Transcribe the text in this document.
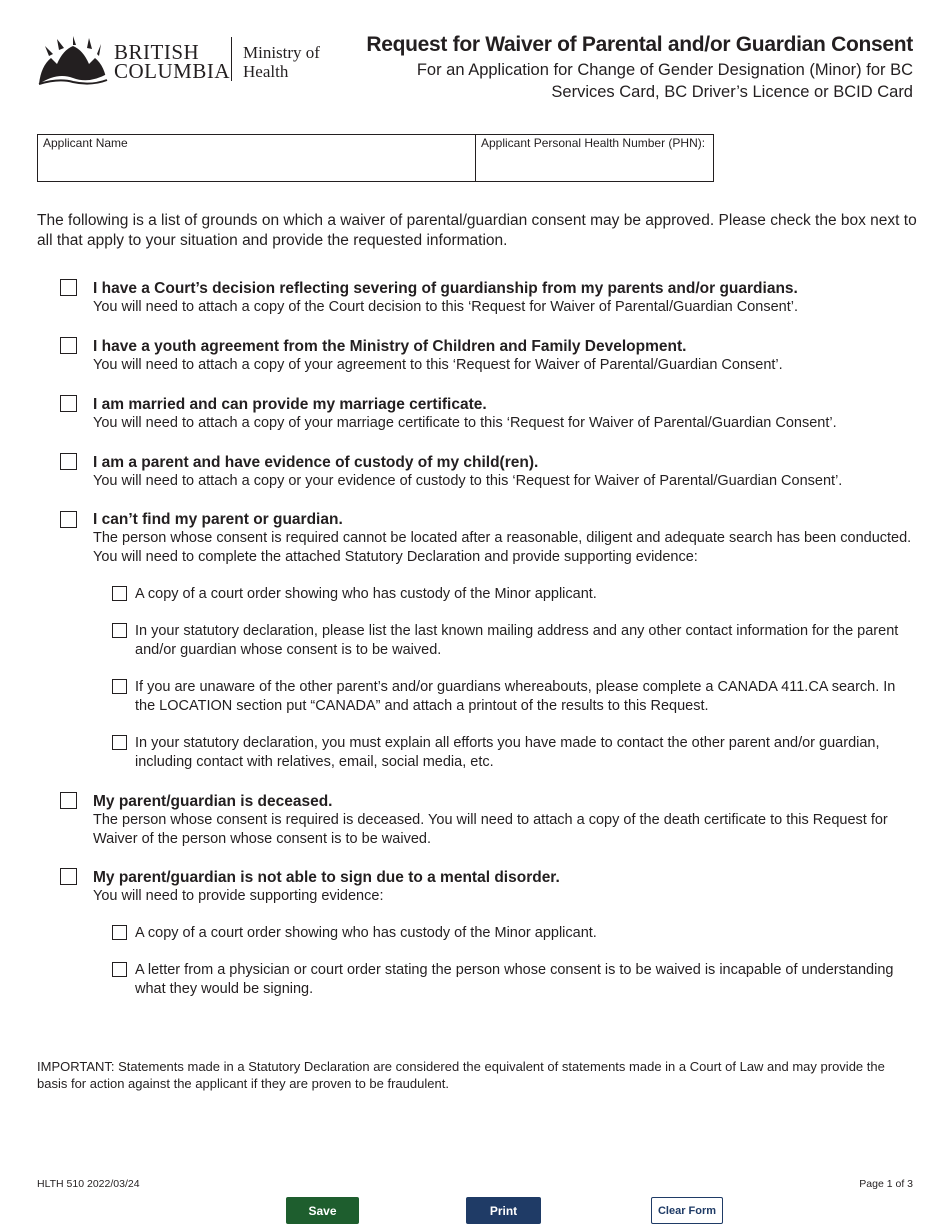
BRITISH
COLUMBIA
Ministry of
Health
Request for Waiver of Parental and/or Guardian Consent
For an Application for Change of Gender Designation (Minor) for BC
Services Card, BC Driver’s Licence or BCID Card
Applicant Name	Applicant Personal Health Number (PHN):
The following is a list of grounds on which a waiver of parental/guardian consent may be approved. Please check the box next to all that apply to your situation and provide the requested information.
I have a Court’s decision reflecting severing of guardianship from my parents and/or guardians.
You will need to attach a copy of the Court decision to this ‘Request for Waiver of Parental/Guardian Consent’.
I have a youth agreement from the Ministry of Children and Family Development.
You will need to attach a copy of your agreement to this ‘Request for Waiver of Parental/Guardian Consent’.
I am married and can provide my marriage certificate.
You will need to attach a copy of your marriage certificate to this ‘Request for Waiver of Parental/Guardian Consent’.
I am a parent and have evidence of custody of my child(ren).
You will need to attach a copy or your evidence of custody to this ‘Request for Waiver of Parental/Guardian Consent’.
I can’t find my parent or guardian.
The person whose consent is required cannot be located after a reasonable, diligent and adequate search has been conducted. You will need to complete the attached Statutory Declaration and provide supporting evidence:
A copy of a court order showing who has custody of the Minor applicant.
In your statutory declaration, please list the last known mailing address and any other contact information for the parent and/or guardian whose consent is to be waived.
If you are unaware of the other parent’s and/or guardians whereabouts, please complete a CANADA 411.CA search. In the LOCATION section put “CANADA” and attach a printout of the results to this Request.
In your statutory declaration, you must explain all efforts you have made to contact the other parent and/or guardian, including contact with relatives, email, social media, etc.
My parent/guardian is deceased.
The person whose consent is required is deceased. You will need to attach a copy of the death certificate to this Request for Waiver of the person whose consent is to be waived.
My parent/guardian is not able to sign due to a mental disorder.
You will need to provide supporting evidence:
A copy of a court order showing who has custody of the Minor applicant.
A letter from a physician or court order stating the person whose consent is to be waived is incapable of understanding what they would be signing.
IMPORTANT: Statements made in a Statutory Declaration are considered the equivalent of statements made in a Court of Law and may provide the basis for action against the applicant if they are proven to be fraudulent.
HLTH 510 2022/03/24	Page 1 of 3
Save	Print	Clear Form
